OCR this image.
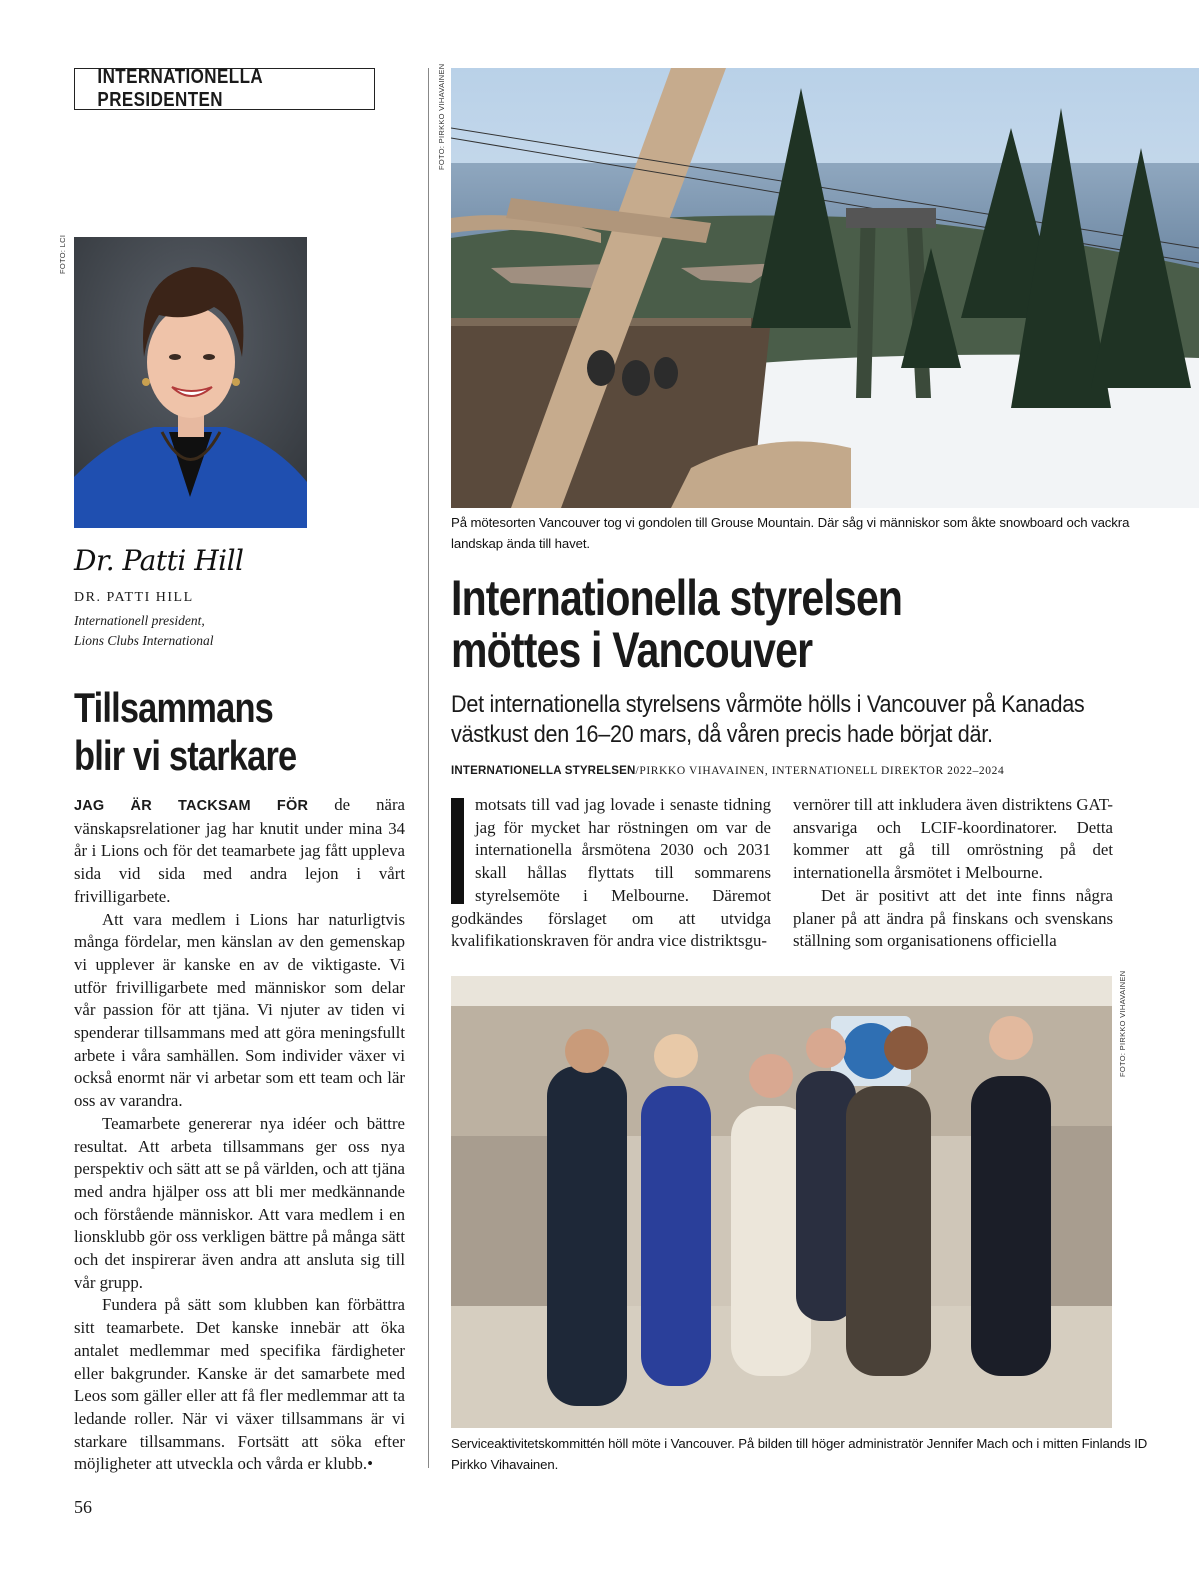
INTERNATIONELLA PRESIDENTEN
FOTO: LCI
FOTO: PIRKKO VIHAVAINEN
FOTO: PIRKKO VIHAVAINEN
Dr. Patti Hill
DR. PATTI HILL
Internationell president,
Lions Clubs International
Tillsammans
blir vi starkare

JAG ÄR TACKSAM FÖR de nära vänskapsrelationer jag har knutit under mina 34 år i Lions och för det teamarbete jag fått uppleva sida vid sida med andra lejon i vårt frivilligarbete.

Att vara medlem i Lions har naturligtvis många fördelar, men känslan av den gemenskap vi upplever är kanske en av de viktigaste. Vi utför frivilligarbete med människor som delar vår passion för att tjäna. Vi njuter av tiden vi spenderar tillsammans med att göra meningsfullt arbete i våra samhällen. Som individer växer vi också enormt när vi arbetar som ett team och lär oss av varandra.

Teamarbete genererar nya idéer och bättre resultat. Att arbeta tillsammans ger oss nya perspektiv och sätt att se på världen, och att tjäna med andra hjälper oss att bli mer medkännande och förstående människor. Att vara medlem i en lionsklubb gör oss verkligen bättre på många sätt och det inspirerar även andra att ansluta sig till vår grupp.

Fundera på sätt som klubben kan förbättra sitt teamarbete. Det kanske innebär att öka antalet medlemmar med specifika färdigheter eller bakgrunder. Kanske är det samarbete med Leos som gäller eller att få fler medlemmar att ta ledande roller. När vi växer tillsammans är vi starkare tillsammans. Fortsätt att söka efter möjligheter att utveckla och vårda er klubb.•

56
På mötesorten Vancouver tog vi gondolen till Grouse Mountain. Där såg vi människor som åkte snowboard och vackra landskap ända till havet.
Internationella styrelsen
möttes i Vancouver
Det internationella styrelsens vårmöte hölls i Vancouver på Kanadas västkust den 16–20 mars, då våren precis hade börjat där.
INTERNATIONELLA STYRELSEN/PIRKKO VIHAVAINEN, INTERNATIONELL DIREKTOR 2022–2024

motsats till vad jag lovade i senaste tidning jag för mycket har röstningen om var de internationella årsmötena 2030 och 2031 skall hållas flyttats till sommarens styrelsemöte i Melbourne. Däremot godkändes förslaget om att utvidga kvalifikationskraven för andra vice distriktsgu-

vernörer till att inkludera även distriktens GAT-ansvariga och LCIF-koordinatorer. Detta kommer att gå till omröstning på det internationella årsmötet i Melbourne.

Det är positivt att det inte finns några planer på att ändra på finskans och svenskans ställning som organisationens officiella

Serviceaktivitetskommittén höll möte i Vancouver. På bilden till höger administratör Jennifer Mach och i mitten Finlands ID Pirkko Vihavainen.
